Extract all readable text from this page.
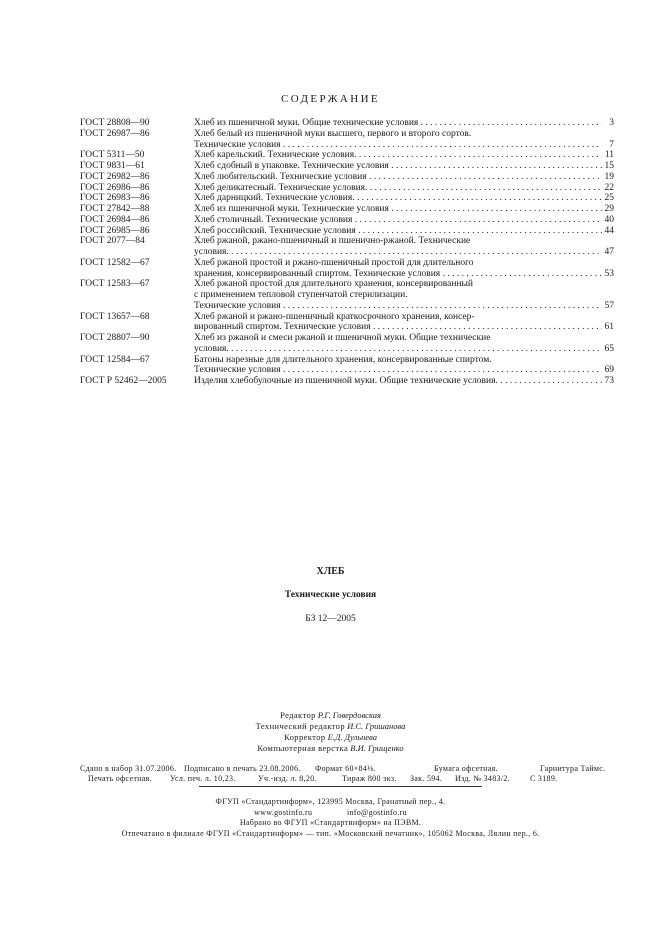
СОДЕРЖАНИЕ
ГОСТ 28808—90	Хлеб из пшеничной муки. Общие технические условия . . .	3
ГОСТ 26987—86	Хлеб белый из пшеничной муки высшего, первого и второго сортов.
Технические условия . . .	7
ГОСТ 5311—50	Хлеб карельский. Технические условия. . . .	11
ГОСТ 9831—61	Хлеб сдобный в упаковке. Технические условия . . .	15
ГОСТ 26982—86	Хлеб любительский. Технические условия . . .	19
ГОСТ 26986—86	Хлеб деликатесный. Технические условия. . . .	22
ГОСТ 26983—86	Хлеб дарницкий. Технические условия. . . .	25
ГОСТ 27842—88	Хлеб из пшеничной муки. Технические условия . . .	29
ГОСТ 26984—86	Хлеб столичный. Технические условия . . .	40
ГОСТ 26985—86	Хлеб российский. Технические условия . . .	44
ГОСТ 2077—84	Хлеб ржаной, ржано-пшеничный и пшенично-ржаной. Технические
условия. . . .	47
ГОСТ 12582—67	Хлеб ржаной простой и ржано-пшеничный простой для длительного
хранения, консервированный спиртом. Технические условия . . .	53
ГОСТ 12583—67	Хлеб ржаной простой для длительного хранения, консервированный
с применением тепловой ступенчатой стерилизации.
Технические условия . . .	57
ГОСТ 13657—68	Хлеб ржаной и ржано-пшеничный краткосрочного хранения, консер-
вированный спиртом. Технические условия . . .	61
ГОСТ 28807—90	Хлеб из ржаной и смеси ржаной и пшеничной муки. Общие технические
условия. . . .	65
ГОСТ 12584—67	Батоны нарезные для длительного хранения, консервированные спиртом.
Технические условия . . .	69
ГОСТ Р 52462—2005	Изделия хлебобулочные из пшеничной муки. Общие технические условия. . . .	73
ХЛЕБ
Технические условия
БЗ 12—2005
Редактор Р.Г. Говердовская
Технический редактор И.С. Гришанова
Корректор Е.Д. Дульнева
Компьютерная верстка В.И. Грищенко
Сдано в набор 31.07.2006. Подписано в печать 23.08.2006. Формат 60×84⅛.	Бумага офсетная.	Гарнитура Таймс.
Печать офсетная. Усл. печ. л. 10,23.	Уч.-изд. л. 8,20.	Тираж 800 экз. Зак. 594. Изд. № 3483/2.	С 3189.
ФГУП «Стандартинформ», 123995 Москва, Гранатный пер., 4.
www.gostinfo.ru	info@gostinfo.ru
Набрано во ФГУП «Стандартинформ» на ПЭВМ.
Отпечатано в филиале ФГУП «Стандартинформ» — тип. «Московский печатник», 105062 Москва, Лялин пер., 6.
